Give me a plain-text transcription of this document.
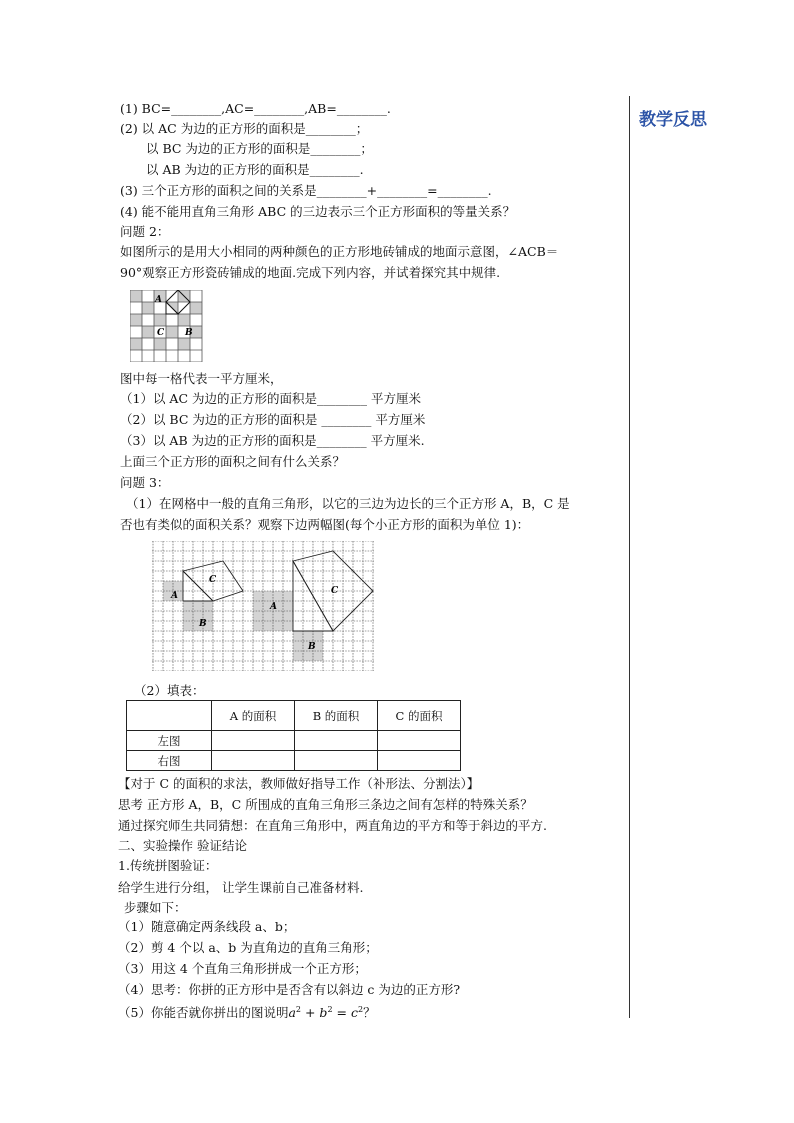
教学反思
(1) BC=________,AC=________,AB=________.
(2) 以 AC 为边的正方形的面积是________；
以 BC 为边的正方形的面积是________；
以 AB 为边的正方形的面积是________.
(3) 三个正方形的面积之间的关系是________+________=________.
(4) 能不能用直角三角形 ABC 的三边表示三个正方形面积的等量关系？
问题 2：
如图所示的是用大小相同的两种颜色的正方形地砖铺成的地面示意图，∠ACB＝
90°观察正方形瓷砖铺成的地面.完成下列内容，并试着探究其中规律.
A
C B
图中每一格代表一平方厘米，
（1）以 AC 为边的正方形的面积是________ 平方厘米
（2）以 BC 为边的正方形的面积是 ________ 平方厘米
（3）以 AB 为边的正方形的面积是________ 平方厘米.
上面三个正方形的面积之间有什么关系？
问题 3：
（1）在网格中一般的直角三角形，以它的三边为边长的三个正方形 A，B，C 是
否也有类似的面积关系？观察下边两幅图(每个小正方形的面积为单位 1)：
C
A
B
A
C
B
（2）填表：
	A 的面积	B 的面积	C 的面积
左图			
右图			
【对于 C 的面积的求法，教师做好指导工作（补形法、分割法）】
思考 正方形 A，B，C 所围成的直角三角形三条边之间有怎样的特殊关系？
通过探究师生共同猜想：在直角三角形中，两直角边的平方和等于斜边的平方.
二、实验操作 验证结论
1.传统拼图验证：
给学生进行分组， 让学生课前自己准备材料.
步骤如下：
（1）随意确定两条线段 a、b；
（2）剪 4 个以 a、b 为直角边的直角三角形；
（3）用这 4 个直角三角形拼成一个正方形；
（4）思考：你拼的正方形中是否含有以斜边 c 为边的正方形?
（5）你能否就你拼出的图说明$a^2 + b^2 = c^2$？
